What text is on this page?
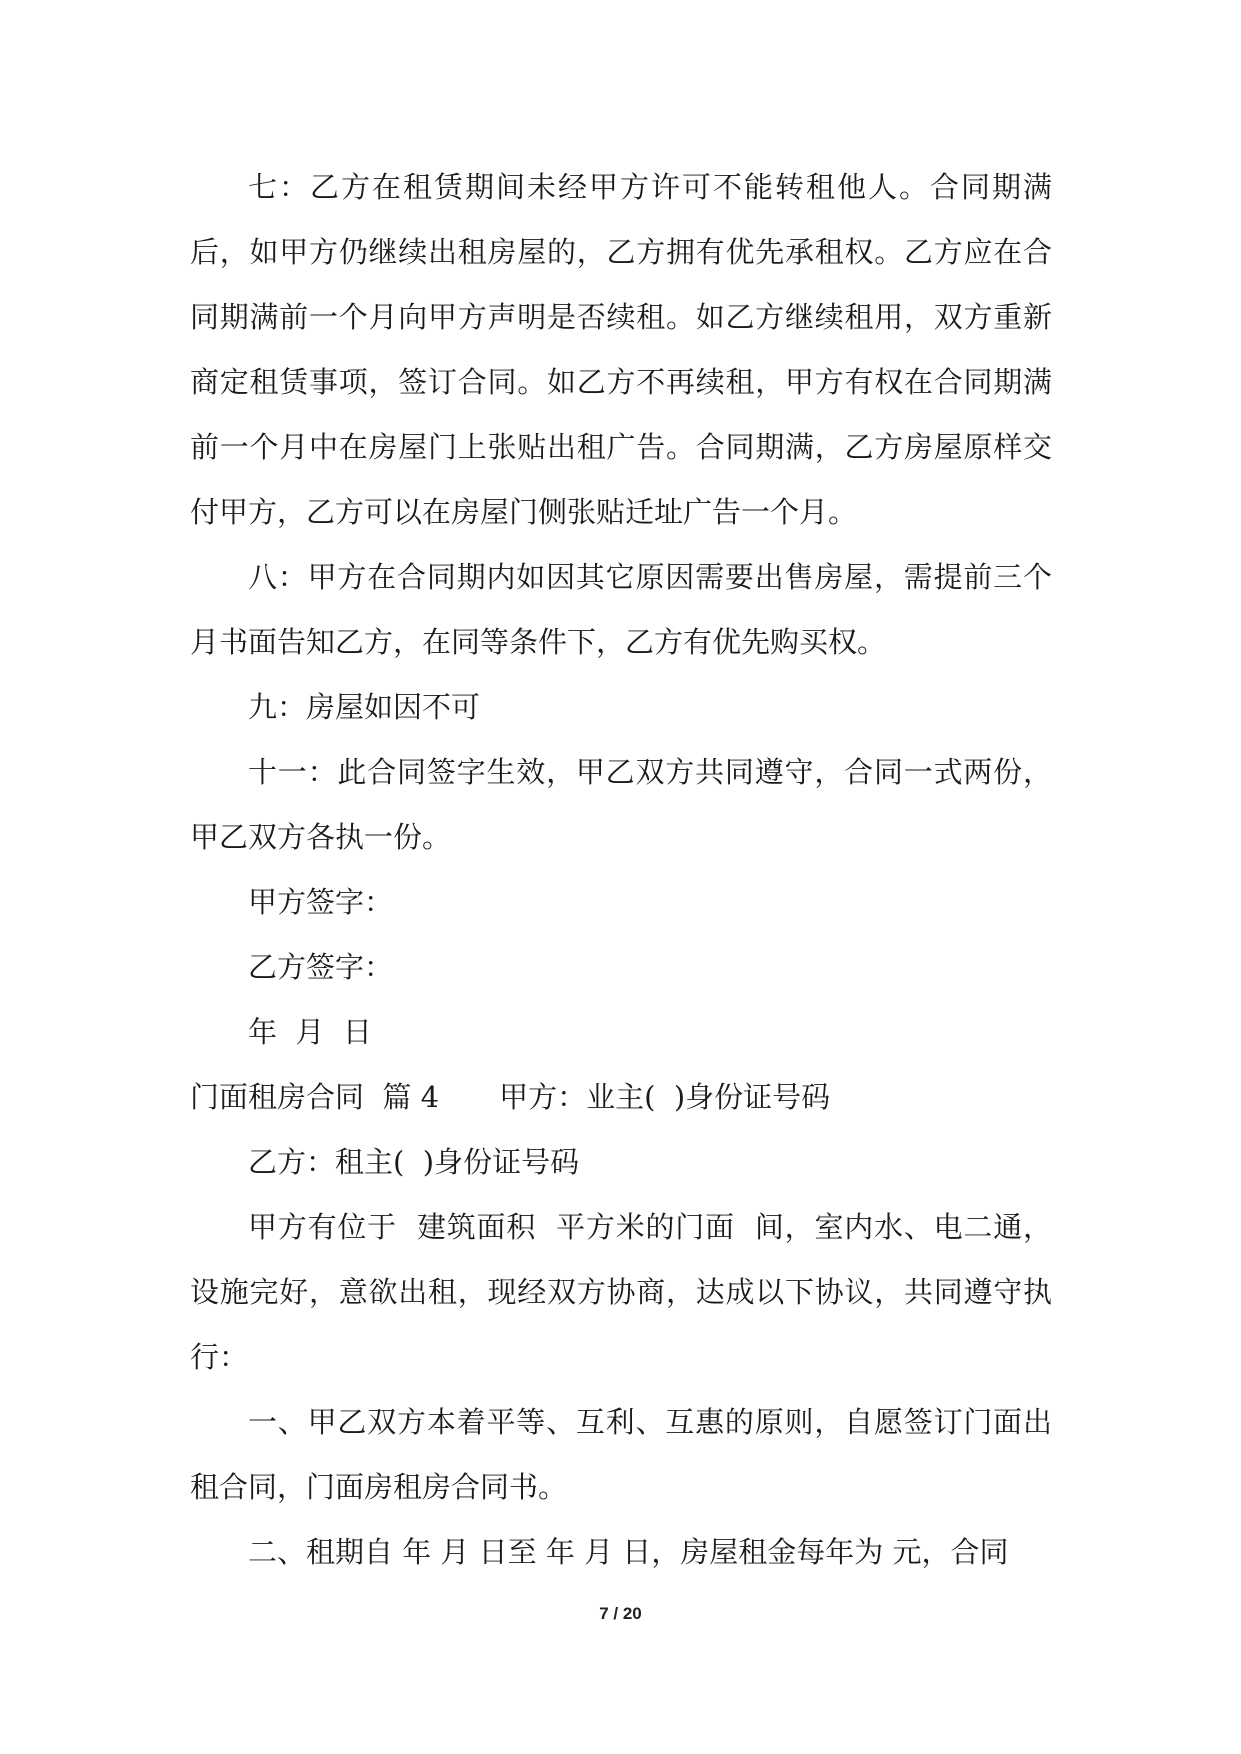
七：乙方在租赁期间未经甲方许可不能转租他人。合同期满后，如甲方仍继续出租房屋的，乙方拥有优先承租权。乙方应在合同期满前一个月向甲方声明是否续租。如乙方继续租用，双方重新商定租赁事项，签订合同。如乙方不再续租，甲方有权在合同期满前一个月中在房屋门上张贴出租广告。合同期满，乙方房屋原样交付甲方，乙方可以在房屋门侧张贴迁址广告一个月。

八：甲方在合同期内如因其它原因需要出售房屋，需提前三个月书面告知乙方，在同等条件下，乙方有优先购买权。

九：房屋如因不可

十一：此合同签字生效，甲乙双方共同遵守，合同一式两份，甲乙双方各执一份。

甲方签字：

乙方签字：

年  月  日

门面租房合同  篇 4 甲方：业主(  )身份证号码

乙方：租主(  )身份证号码

甲方有位于  建筑面积  平方米的门面  间，室内水、电二通，设施完好，意欲出租，现经双方协商，达成以下协议，共同遵守执行：

一、甲乙双方本着平等、互利、互惠的原则，自愿签订门面出租合同，门面房租房合同书。

二、租期自 年 月 日至 年 月 日，房屋租金每年为 元，合同

7 / 20
